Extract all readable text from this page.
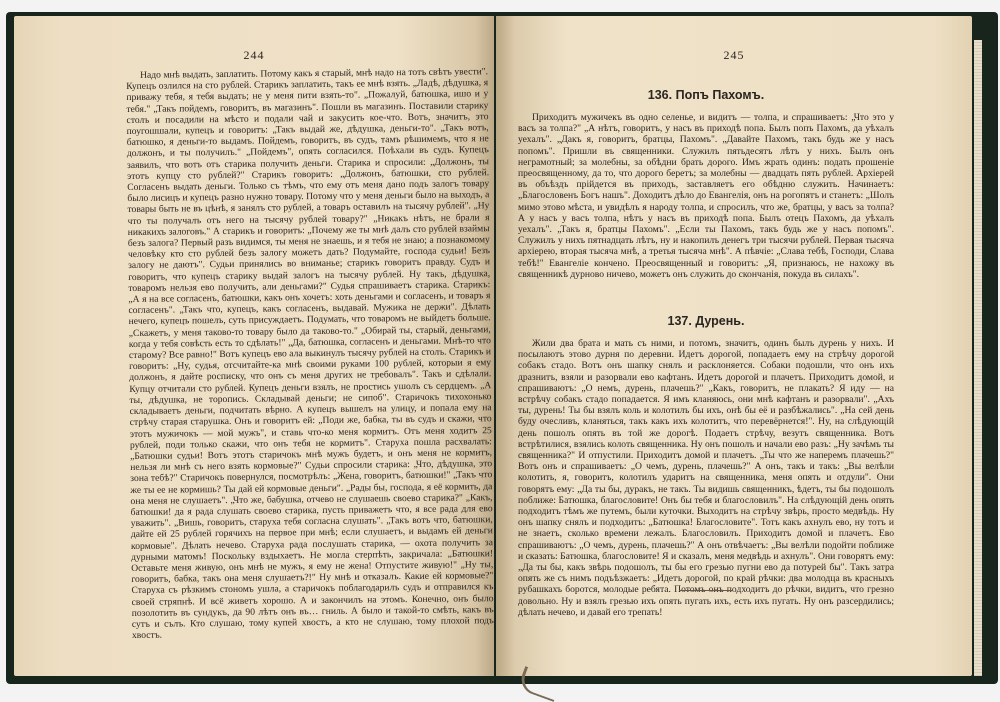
244

Надо мнѣ выдать, заплатить. Потому какъ я старый, мнѣ надо на тотъ свѣтъ увести". Купецъ озлился на сто рублей. Старикъ заплатить, такъ ее мнѣ взять. „Ладѣ, дѣдушка, я приважу тебя, я тебя выдать; не у меня пити взять-то". „Пожалуй, батюшка, ишо и у тебя." „Такъ пойдемъ, говоритъ, въ магазинъ". Пошли въ магазинъ. Поставили старику столъ и посадили на мѣсто и подали чай и закусить кое-что. Вотъ, значитъ, это поугошшали, купецъ и говоритъ: „Такъ выдай же, дѣдушка, деньги-то". „Такъ вотъ, батюшко, я деньги-то выдамъ. Пойдемъ, говоритъ, въ судъ, тамъ рѣшимемъ, что я не должонъ, и ты получилъ." „Пойдемъ", опять согласился. Поѣхали въ судъ. Купецъ заявилъ, что вотъ отъ старика получить деньги. Старика и спросили: „Должонъ, ты этотъ купцу сто рублей?" Старикъ говоритъ: „Должонъ, батюшки, сто рублей. Согласенъ выдать деньги. Только съ тѣмъ, что ему отъ меня дано подъ залогъ товару было лисицъ и купецъ разно нужно товару. Потому что у меня деньги было на выходъ, а товары быть не въ цѣнѣ, я занялъ сто рублей, а товаръ оставилъ на тысячу рублей". „Ну что ты получалъ отъ него на тысячу рублей товару?" „Никакъ нѣтъ, не брали я никакихъ залоговъ." А старикъ и говоритъ: „Почему же ты мнѣ далъ сто рублей взаймы безъ залога? Первый разъ видимся, ты меня не знаешь, и я тебя не знаю; а познакомому человѣку кто сто рублей безъ залогу можетъ дать? Подумайте, господа судьи! Безъ залогу не даютъ". Судьи принялись во вниманье; старикъ говоритъ правду. Судъ и говоритъ, что купецъ старику выдай залогъ на тысячу рублей. Ну такъ, дѣдушка, товаромъ нельзя ево получить, али деньгами?" Судья спрашиваетъ старика. Старикъ: „А я на все согласенъ, батюшки, какъ онъ хочетъ: хоть деньгами и согласенъ, и товаръ я согласенъ". „Такъ что, купецъ, какъ согласенъ, выдавай. Мужика не держи". Дѣлать нечего, купецъ пошелъ, суть присуждаетъ. Подумать, что товаромъ не выйдетъ больше. „Скажетъ, у меня таково-то товару было да таково-то." „Обирай ты, старый, деньгами, когда у тебя совѣсть есть то сдѣлать!" „Да, батюшка, согласенъ и деньгами. Мнѣ-то что старому? Все равно!" Вотъ купецъ ево ала выкинулъ тысячу рублей на столъ. Старикъ и говоритъ: „Ну, судья, отсчитайте-ка мнѣ своими руками 100 рублей, которыи я ему должонъ, я дайте росписку, что онъ съ меня других не требовалъ". Такъ и сдѣлали. Купцу отчитали сто рублей. Купецъ деньги взялъ, не простись ушолъ съ сердцемъ. „А ты, дѣдушка, не торопись. Складывай деньги; не сипоб". Старичокъ тихохонько складываетъ деньги, подчитать вѣрно. А купецъ вышелъ на улицу, и попала ему на стрѣчу старая старушка. Онъ и говоритъ ей: „Поди же, бабка, ты въ судъ и скажи, что этотъ мужичокъ — мой мужъ", и ставь что-ко меня кормитъ. Отъ меня ходитъ 25 рублей, поди только скажи, что онъ тебя не кормитъ". Старуха пошла расхвалать: „Батюшки судьи! Вотъ этотъ старичокъ мнѣ мужъ будетъ, и онъ меня не кормитъ, нельзя ли мнѣ съ него взять кормовые?" Судьи спросили старика: „Что, дѣдушка, это зона тебѣ?" Старичокъ повернулся, посмотрѣлъ: „Жена, говоритъ, батюшки!" „Такъ что же ты ее не кормишь? Ты дай ей кормовые деньги". „Рады бы, господа, я её кормить, да она меня не слушаетъ". „Что же, бабушка, отчево не слушаешь своево старика?" „Какъ, батюшки! да я рада слушать своево старика, пусть приважетъ что, я все рада для ево уважить". „Вишь, говоритъ, старуха тебя согласна слушать". „Такъ вотъ что, батюшки, дайте ей 25 рублей горячихъ на первое при мнѣ; если слушаетъ, и выдамъ ей деньги кормовые". Дѣлать нечево. Старуха рада послушать старика, — охота получить за дурными матомъ! Поскольку вздыхаетъ. Не могла стерпѣть, закричала: „Батюшки! Оставьте меня живую, онъ мнѣ не мужъ, я ему не жена! Отпустите живую!" „Ну ты, говоритъ, бабка, такъ она меня слушаетъ?!" Ну мнѣ и отказалъ. Какие ей кормовые?" Старуха съ рѣзкимъ стономъ ушла, а старичокъ поблагодарилъ судъ и отправился къ своей стряпнѣ. И всё живетъ хорошо. А и закончилъ на этомъ. Конечно, онъ было позолотить въ сундукъ, да 90 лѣтъ онъ въ… гниль. А было и такой-то смѣть, какъ въ сутъ и сълъ. Кто слушаю, тому купей хвостъ, а кто не слушаю, тому плохой подъ хвостъ.

245
136. Попъ Пахомъ.

Приходитъ мужичекъ въ одно селенье, и видитъ — толпа, и спрашиваетъ: „Что это у васъ за толпа?" „А нѣтъ, говоритъ, у насъ въ приходѣ попа. Былъ попъ Пахомъ, да уѣхалъ уехалъ". „Дакъ я, говоритъ, братцы, Пахомъ". „Давайте Пахомъ, такъ будь же у насъ попомъ". Пришли въ священники. Служилъ пятьдесятъ лѣтъ у нихъ. Былъ онъ неграмотный; за молебны, за обѣдни брать дорого. Имъ жрать одинъ: подать прошеніе преосвященному, да то, что дорого беретъ; за молебны — двадцать пять рублей. Архіерей въ объѣздъ прійдется въ приходъ, заставляетъ его обѣдню служить. Начинаетъ: „Благословенъ Богъ нашъ". Доходитъ дѣло до Евангелія, онъ на рогопятъ и станетъ: „Шолъ мимо этово мѣста, и увидѣлъ я народу толпа, и спросилъ, что же, братцы, у васъ за толпа? А у насъ у васъ толпа, нѣтъ у насъ въ приходѣ попа. Былъ отецъ Пахомъ, да уѣхалъ уехалъ". „Такъ я, братцы Пахомъ". „Если ты Пахомъ, такъ будь же у насъ попомъ". Служилъ у нихъ пятнадцать лѣтъ, ну и накопилъ денегъ три тысячи рублей. Первая тысяча архіерею, вторая тысяча мнѣ, а третья тысяча мнѣ". А пѣвчіе: „Слава тебѣ, Господи, Слава тебѣ!" Евангеліе кончено. Преосвященный и говоритъ: „Я, признаюсь, не нахожу въ священникѣ дурново ничево, можетъ онъ служить до скончанія, покуда въ силахъ".

137. Дурень.

Жили два брата и мать съ ними, и потомъ, значитъ, одинъ былъ дурень у нихъ. И посылаютъ этово дурня по деревни. Идетъ дорогой, попадаетъ ему на стрѣчу дорогой собакъ стадо. Вотъ онъ шапку снялъ и расклоняется. Собаки подошли, что онъ ихъ дразнитъ, взяли и разорвали ево кафтанъ. Идетъ дорогой и плачетъ. Приходитъ домой, и спрашиваютъ: „О немъ, дурень, плачешь?" „Какъ, говоритъ, не плакать? Я иду — на встрѣчу собакъ стадо попадается. Я имъ кланяюсь, они мнѣ кафтанъ и разорвали". „Ахъ ты, дурень! Ты бы взялъ коль и колотилъ бы ихъ, онѣ бы её и разбѣжались". „На сей день буду очесливъ, кланяться, такъ какъ ихъ колотитъ, что перевёрнется!". Ну, на слѣдующій день пошолъ опять въ той же дорогѣ. Подаетъ стрѣчу, везутъ священника. Вотъ встрѣтилися, взялись колоть священника. Ну онъ пошолъ и начали ево разъ: „Ну зачѣмъ ты священника?" И отпустили. Приходитъ домой и плачетъ. „Ты что же наперемъ плачешь?" Вотъ онъ и спрашиваетъ: „О чемъ, дурень, плачешь?" А онъ, такъ и такъ: „Вы велѣли колотить, я, говоритъ, колотилъ ударитъ на священника, меня опять и отдули". Они говорятъ ему: „Да ты бы, дуракъ, не такъ. Ты видишь священникъ, ѣдетъ, ты бы подошолъ поближе: Батюшка, благословите! Онъ бы тебя и благословилъ". На слѣдующій день опять подходитъ тѣмъ же путемъ, были куточки. Выходитъ на стрѣчу звѣрь, просто медвѣдь. Ну онъ шапку снялъ и подходитъ: „Батюшка! Благословите". Тотъ какъ ахнулъ ево, ну тотъ и не знаетъ, сколько времени лежалъ. Благословилъ. Приходитъ домой и плачетъ. Ево спрашиваютъ: „О чемъ, дурень, плачешь?" А онъ отвѣчаетъ: „Вы велѣли подойти поближе и сказать: Батюшка, благословите! Я и сказалъ, меня медвѣдь и ахнулъ". Они говорятъ ему: „Да ты бы, какъ звѣрь подошолъ, ты бы его грезью пугни ево да потурей бы". Такъ затра опять же съ нимъ подъѣзжаетъ: „Идетъ дорогой, по край рѣчки: два молодца въ красныхъ рубашкахъ боротся, молодые ребята. Потомъ онъ подходитъ до рѣчки, видитъ, что грезно довольно. Ну и взялъ грезью ихъ опять пугать ихъ, есть ихъ пугать. Ну онъ разсердились; дѣлать нечево, и давай его трепать!
